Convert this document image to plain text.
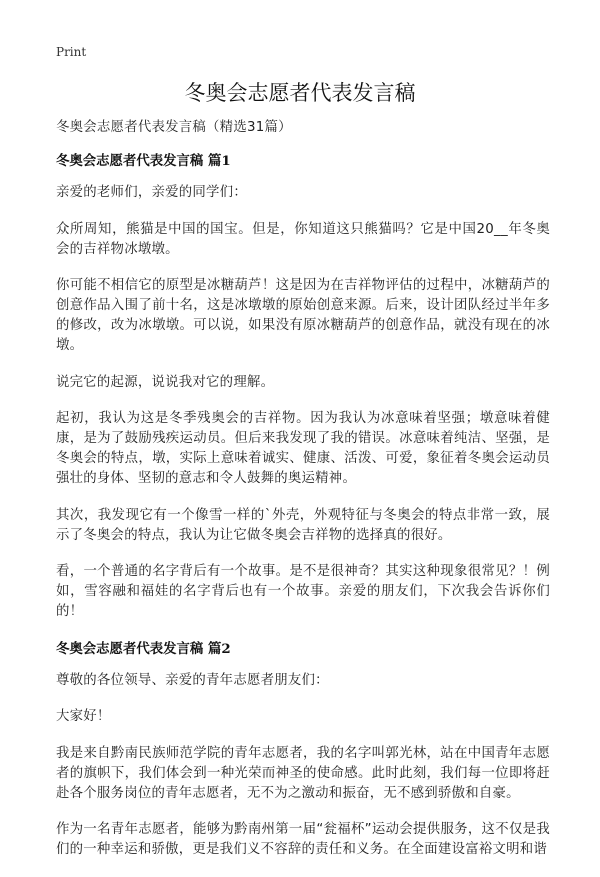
Print
冬奥会志愿者代表发言稿

冬奥会志愿者代表发言稿（精选31篇）

冬奥会志愿者代表发言稿 篇1

亲爱的老师们，亲爱的同学们：

众所周知，熊猫是中国的国宝。但是，你知道这只熊猫吗？它是中国20__年冬奥会的吉祥物冰墩墩。

你可能不相信它的原型是冰糖葫芦！这是因为在吉祥物评估的过程中，冰糖葫芦的创意作品入围了前十名，这是冰墩墩的原始创意来源。后来，设计团队经过半年多的修改，改为冰墩墩。可以说，如果没有原冰糖葫芦的创意作品，就没有现在的冰墩。

说完它的起源，说说我对它的理解。

起初，我认为这是冬季残奥会的吉祥物。因为我认为冰意味着坚强；墩意味着健康，是为了鼓励残疾运动员。但后来我发现了我的错误。冰意味着纯洁、坚强，是冬奥会的特点，墩，实际上意味着诚实、健康、活泼、可爱，象征着冬奥会运动员强壮的身体、坚韧的意志和令人鼓舞的奥运精神。

其次，我发现它有一个像雪一样的`外壳，外观特征与冬奥会的特点非常一致，展示了冬奥会的特点，我认为让它做冬奥会吉祥物的选择真的很好。

看，一个普通的名字背后有一个故事。是不是很神奇？其实这种现象很常见？！例如，雪容融和福娃的名字背后也有一个故事。亲爱的朋友们，下次我会告诉你们的！

冬奥会志愿者代表发言稿 篇2

尊敬的各位领导、亲爱的青年志愿者朋友们：

大家好！

我是来自黔南民族师范学院的青年志愿者，我的名字叫郭光林，站在中国青年志愿者的旗帜下，我们体会到一种光荣而神圣的使命感。此时此刻，我们每一位即将赶赴各个服务岗位的青年志愿者，无不为之激动和振奋，无不感到骄傲和自豪。

作为一名青年志愿者，能够为黔南州第一届“瓮福杯”运动会提供服务，这不仅是我们的一种幸运和骄傲，更是我们义不容辞的责任和义务。在全面建设富裕文明和谐
